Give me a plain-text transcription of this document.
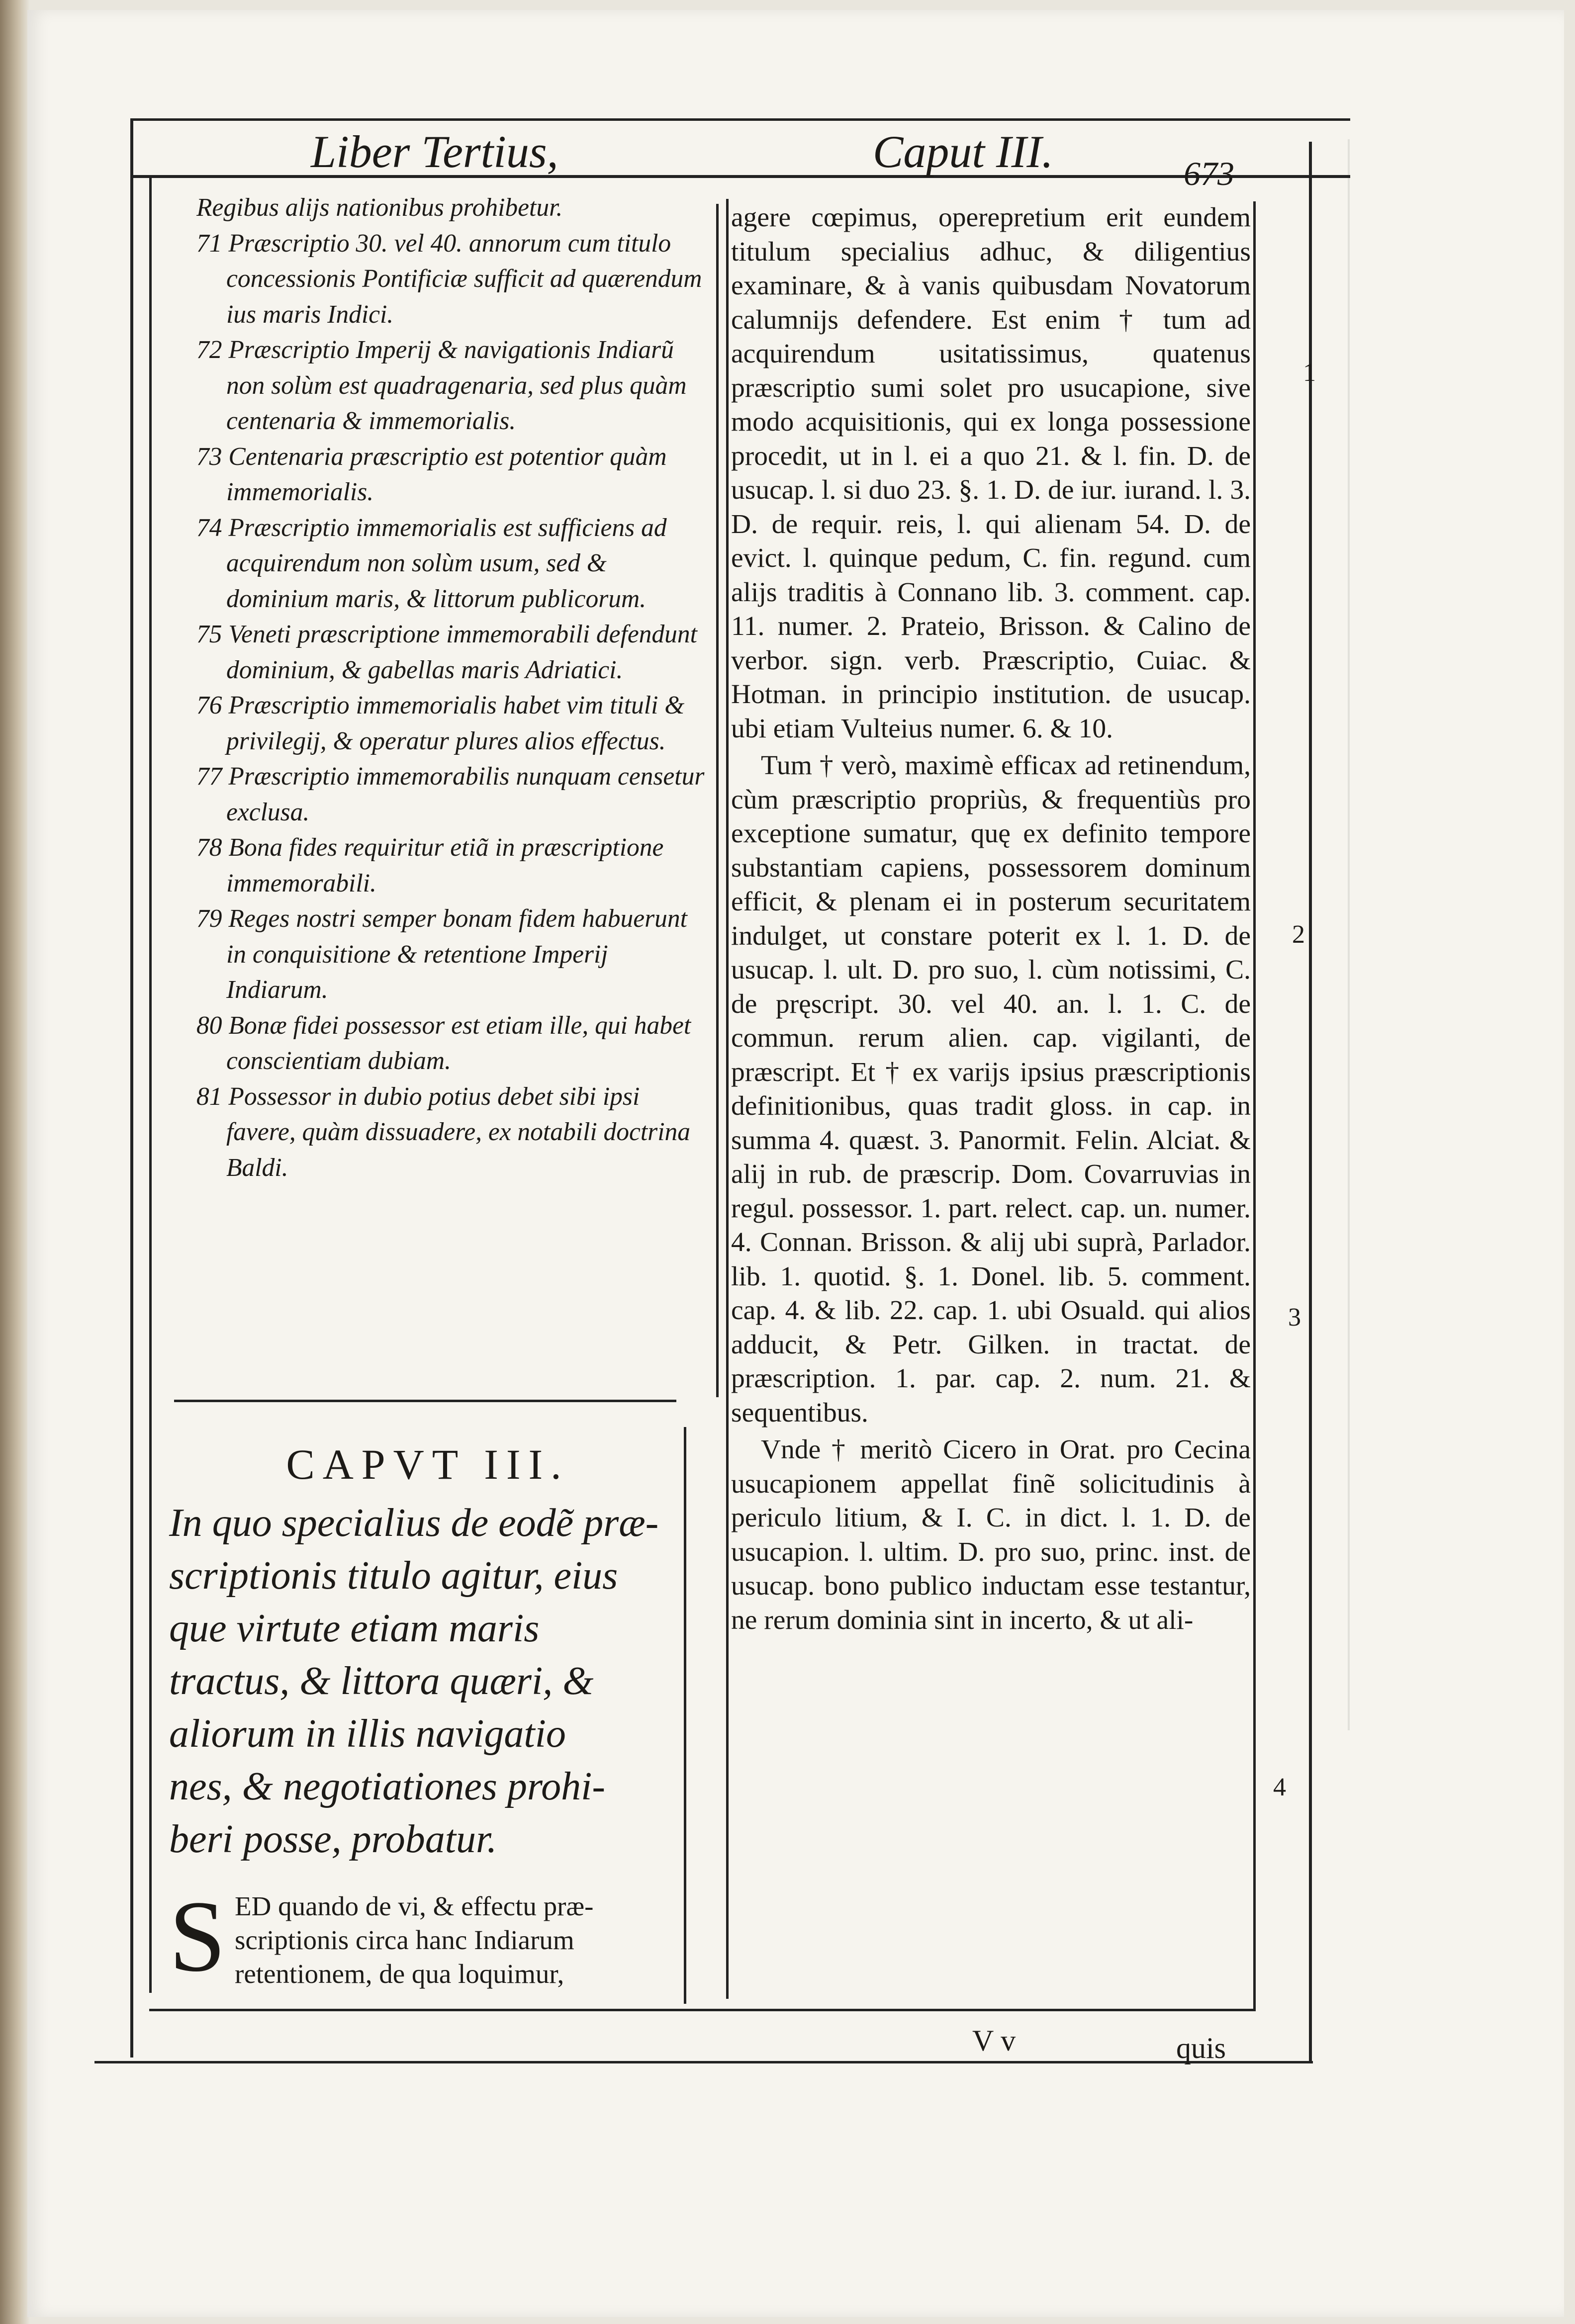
Liber Tertius,	Caput III.	673

Regibus alijs nationibus prohibetur.

71 Præscriptio 30. vel 40. annorum cum titulo concessionis Pontificiæ sufficit ad quærendum ius maris Indici.

72 Præscriptio Imperij & navigationis Indiarũ non solùm est quadragenaria, sed plus quàm centenaria & immemorialis.

73 Centenaria præscriptio est potentior quàm immemorialis.

74 Præscriptio immemorialis est sufficiens ad acquirendum non solùm usum, sed & dominium maris, & littorum publicorum.

75 Veneti præscriptione immemorabili defendunt dominium, & gabellas maris Adriatici.

76 Præscriptio immemorialis habet vim tituli & privilegij, & operatur plures alios effectus.

77 Præscriptio immemorabilis nunquam censetur exclusa.

78 Bona fides requiritur etiã in præscriptione immemorabili.

79 Reges nostri semper bonam fidem habuerunt in conquisitione & retentione Imperij Indiarum.

80 Bonæ fidei possessor est etiam ille, qui habet conscientiam dubiam.

81 Possessor in dubio potius debet sibi ipsi favere, quàm dissuadere, ex notabili doctrina Baldi.

CAPVT III.

In quo specialius de eodẽ præ-

scriptionis titulo agitur, eius

que virtute etiam maris

tractus, & littora quæri, &

aliorum in illis navigatio

nes, & negotiationes prohi-

beri posse, probatur.

S ED quando de vi, & effectu præ-
scriptionis circa hanc Indiarum
retentionem, de qua loquimur,

agere cœpimus, operepretium erit eundem titulum specialius adhuc, & diligentius examinare, & à vanis quibusdam Novatorum calumnijs defendere. Est enim † tum ad acquirendum usitatissimus, quatenus præscriptio sumi solet pro usucapione, sive modo acquisitionis, qui ex longa possessione procedit, ut in l. ei a quo 21. & l. fin. D. de usucap. l. si duo 23. §. 1. D. de iur. iurand. l. 3. D. de requir. reis, l. qui alienam 54. D. de evict. l. quinque pedum, C. fin. regund. cum alijs traditis à Connano lib. 3. comment. cap. 11. numer. 2. Prateio, Brisson. & Calino de verbor. sign. verb. Præscriptio, Cuiac. & Hotman. in principio institution. de usucap. ubi etiam Vulteius numer. 6. & 10.

Tum † verò, maximè efficax ad retinendum, cùm præscriptio propriùs, & frequentiùs pro exceptione sumatur, quę ex definito tempore substantiam capiens, possessorem dominum efficit, & plenam ei in posterum securitatem indulget, ut constare poterit ex l. 1. D. de usucap. l. ult. D. pro suo, l. cùm notissimi, C. de pręscript. 30. vel 40. an. l. 1. C. de commun. rerum alien. cap. vigilanti, de præscript. Et † ex varijs ipsius præscriptionis definitionibus, quas tradit gloss. in cap. in summa 4. quæst. 3. Panormit. Felin. Alciat. & alij in rub. de præscrip. Dom. Covarruvias in regul. possessor. 1. part. relect. cap. un. numer. 4. Connan. Brisson. & alij ubi suprà, Parlador. lib. 1. quotid. §. 1. Donel. lib. 5. comment. cap. 4. & lib. 22. cap. 1. ubi Osuald. qui alios adducit, & Petr. Gilken. in tractat. de præscription. 1. par. cap. 2. num. 21. & sequentibus.

Vnde † meritò Cicero in Orat. pro Cecina usucapionem appellat finẽ solicitudinis à periculo litium, & I. C. in dict. l. 1. D. de usucapion. l. ultim. D. pro suo, princ. inst. de usucap. bono publico inductam esse testantur, ne rerum dominia sint in incerto, & ut ali-

1
2
3
4
V v	quis
